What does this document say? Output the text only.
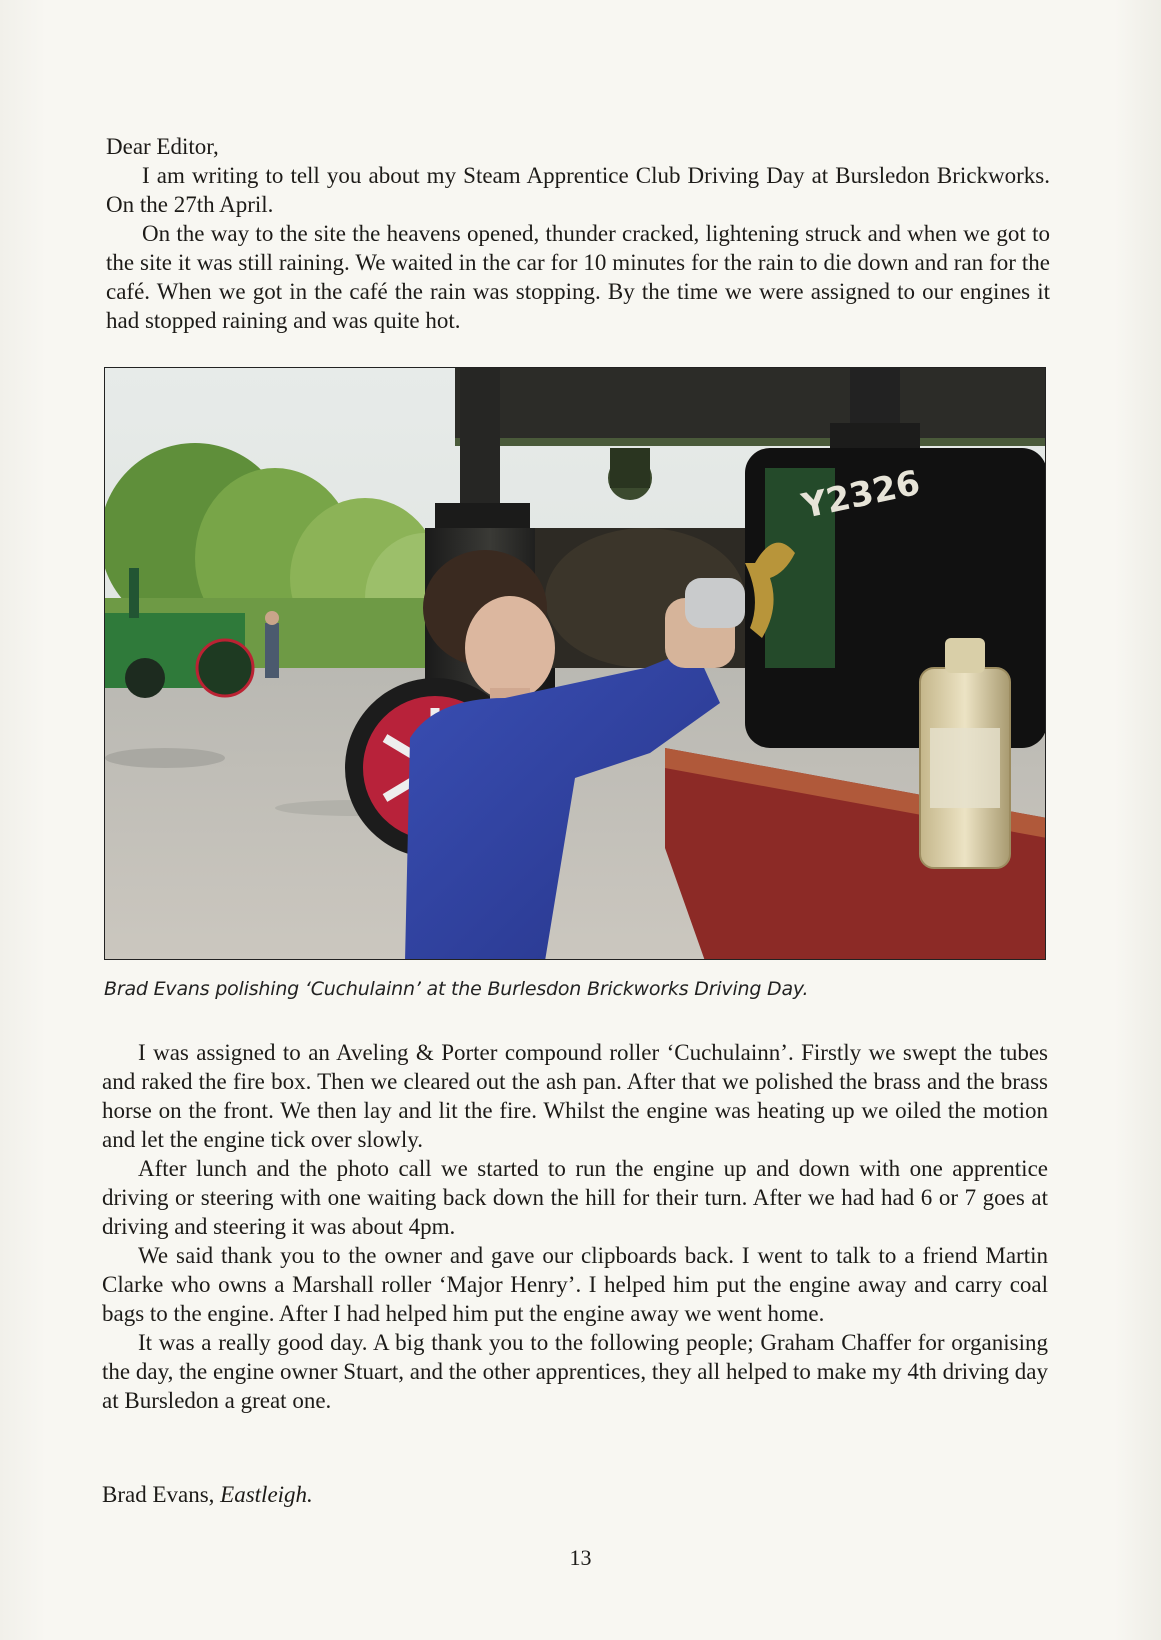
Dear Editor,

I am writing to tell you about my Steam Apprentice Club Driving Day at Bursledon Brickworks. On the 27th April.

On the way to the site the heavens opened, thunder cracked, lightening struck and when we got to the site it was still raining. We waited in the car for 10 minutes for the rain to die down and ran for the café. When we got in the café the rain was stopping. By the time we were assigned to our engines it had stopped raining and was quite hot.

Y2326
Brad Evans polishing ‘Cuchulainn’ at the Burlesdon Brickworks Driving Day.

I was assigned to an Aveling & Porter compound roller ‘Cuchulainn’. Firstly we swept the tubes and raked the fire box. Then we cleared out the ash pan. After that we polished the brass and the brass horse on the front. We then lay and lit the fire. Whilst the engine was heating up we oiled the motion and let the engine tick over slowly.

After lunch and the photo call we started to run the engine up and down with one apprentice driving or steering with one waiting back down the hill for their turn. After we had had 6 or 7 goes at driving and steering it was about 4pm.

We said thank you to the owner and gave our clipboards back. I went to talk to a friend Martin Clarke who owns a Marshall roller ‘Major Henry’. I helped him put the engine away and carry coal bags to the engine. After I had helped him put the engine away we went home.

It was a really good day. A big thank you to the following people; Graham Chaffer for organising the day, the engine owner Stuart, and the other apprentices, they all helped to make my 4th driving day at Bursledon a great one.

Brad Evans, Eastleigh.
13
